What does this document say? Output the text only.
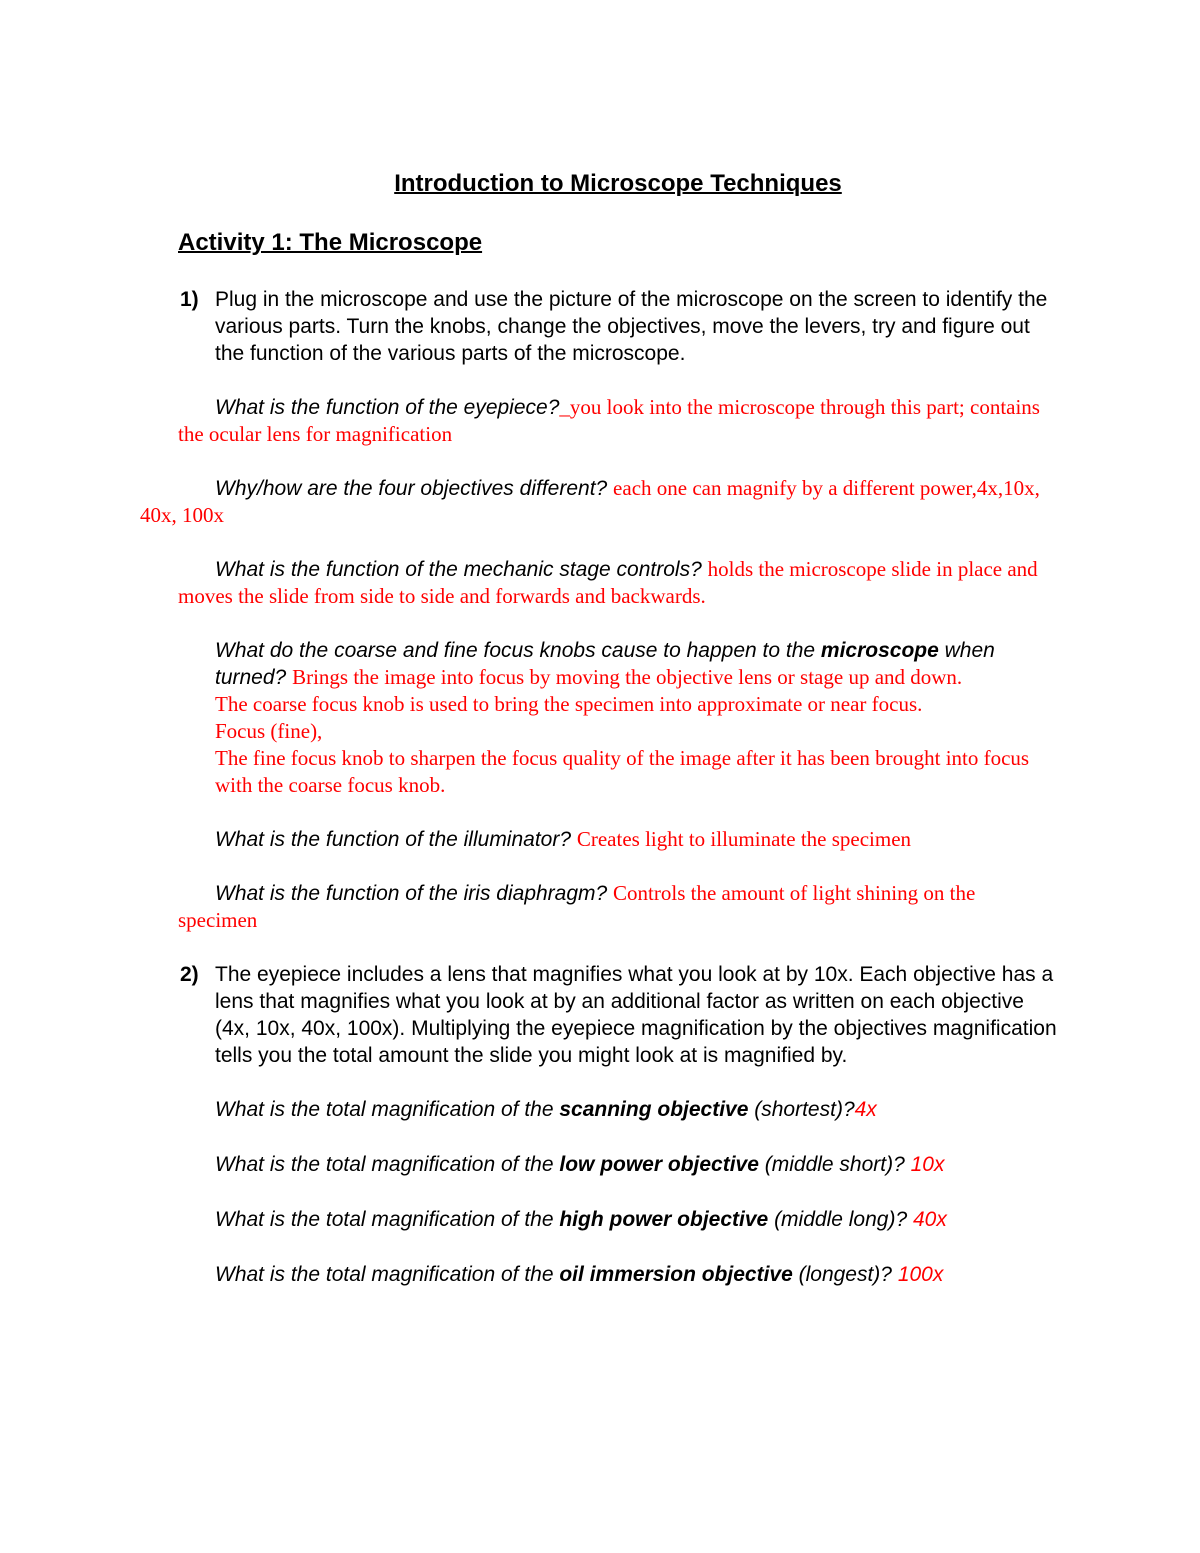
Introduction to Microscope Techniques
Activity 1: The Microscope
1) Plug in the microscope and use the picture of the microscope on the screen to identify the various parts. Turn the knobs, change the objectives, move the levers, try and figure out the function of the various parts of the microscope.

What is the function of the eyepiece?_you look into the microscope through this part; contains the ocular lens for magnification

Why/how are the four objectives different? each one can magnify by a different power,4x,10x, 40x, 100x

What is the function of the mechanic stage controls? holds the microscope slide in place and moves the slide from side to side and forwards and backwards.

What do the coarse and fine focus knobs cause to happen to the microscope when turned? Brings the image into focus by moving the objective lens or stage up and down.
The coarse focus knob is used to bring the specimen into approximate or near focus.
Focus (fine),
The fine focus knob to sharpen the focus quality of the image after it has been brought into focus with the coarse focus knob.

What is the function of the illuminator? Creates light to illuminate the specimen

What is the function of the iris diaphragm? Controls the amount of light shining on the specimen

2) The eyepiece includes a lens that magnifies what you look at by 10x. Each objective has a lens that magnifies what you look at by an additional factor as written on each objective (4x, 10x, 40x, 100x). Multiplying the eyepiece magnification by the objectives magnification tells you the total amount the slide you might look at is magnified by.

What is the total magnification of the scanning objective (shortest)?4x

What is the total magnification of the low power objective (middle short)? 10x

What is the total magnification of the high power objective (middle long)? 40x

What is the total magnification of the oil immersion objective (longest)? 100x
